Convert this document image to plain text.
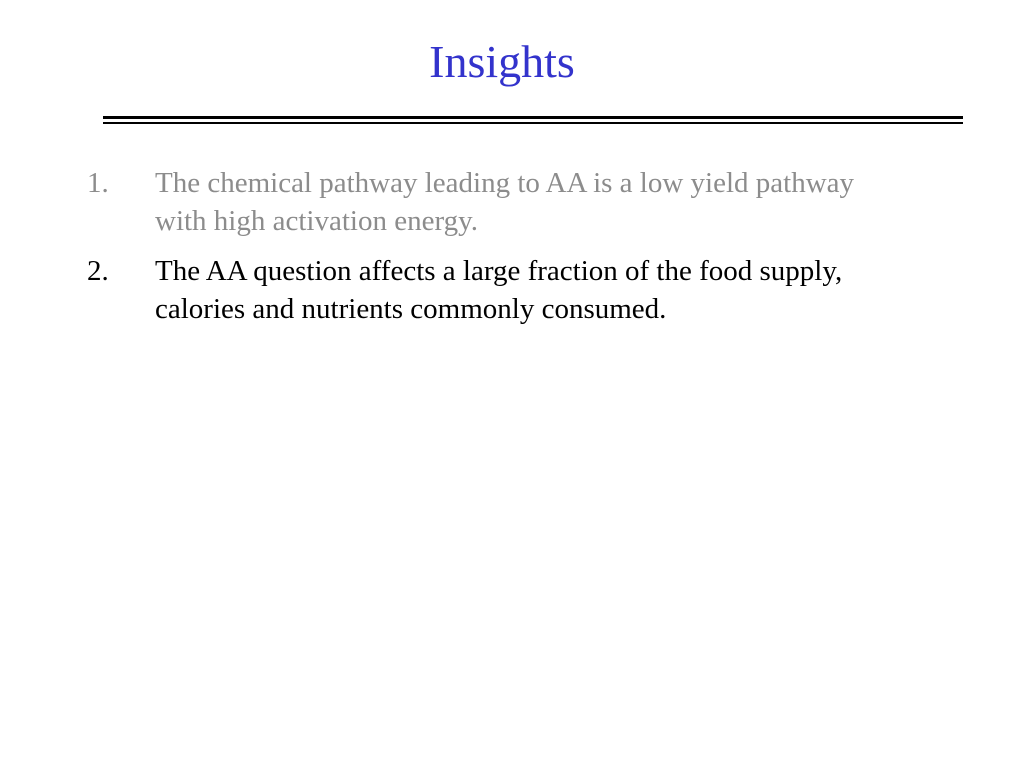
Insights
1. The chemical pathway leading to AA is a low yield pathway with high activation energy.
2. The AA question affects a large fraction of the food supply, calories and nutrients commonly consumed.
